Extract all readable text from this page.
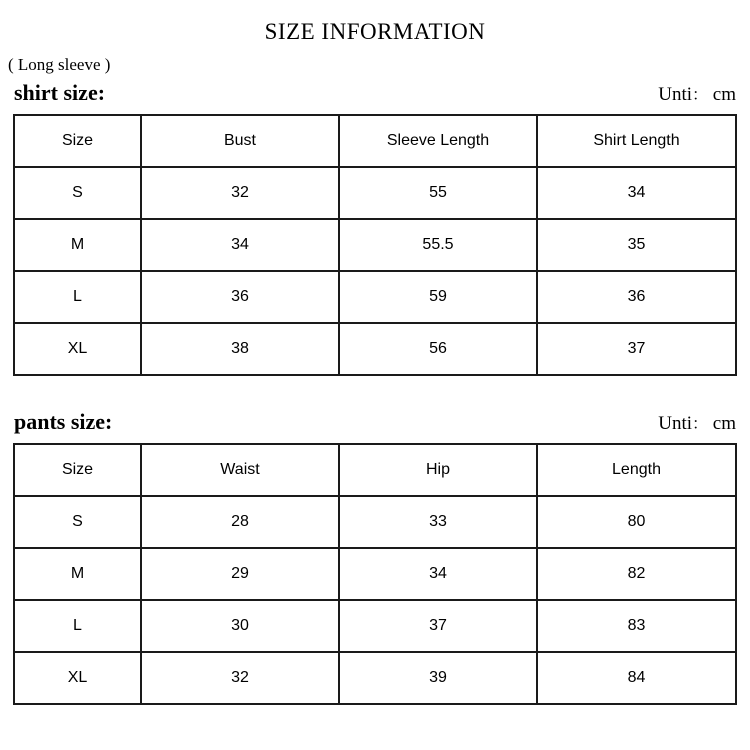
SIZE INFORMATION
( Long sleeve )
shirt size:	Unti： cm
Size	Bust	Sleeve Length	Shirt Length
S	32	55	34
M	34	55.5	35
L	36	59	36
XL	38	56	37
pants size:	Unti： cm
Size	Waist	Hip	Length
S	28	33	80
M	29	34	82
L	30	37	83
XL	32	39	84
